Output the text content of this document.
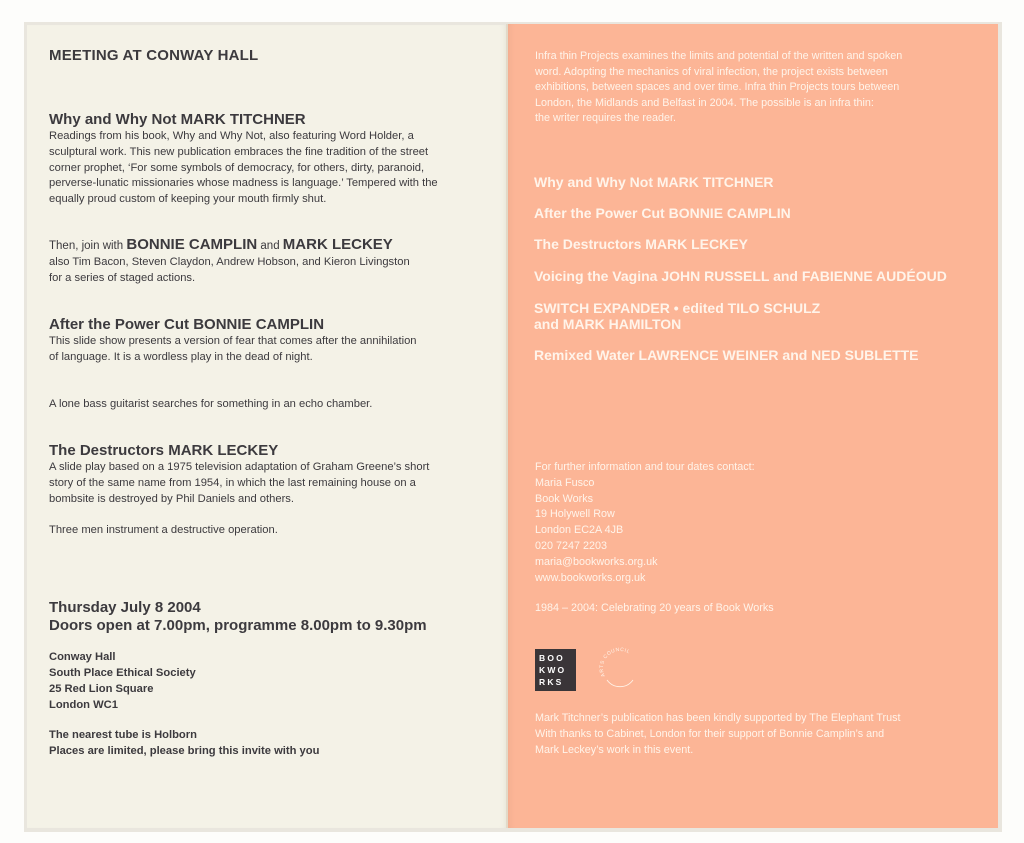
MEETING AT CONWAY HALL
Why and Why Not MARK TITCHNER
Readings from his book, Why and Why Not, also featuring Word Holder, a
sculptural work. This new publication embraces the fine tradition of the street
corner prophet, ‘For some symbols of democracy, for others, dirty, paranoid,
perverse-lunatic missionaries whose madness is language.’ Tempered with the
equally proud custom of keeping your mouth firmly shut.
Then, join with BONNIE CAMPLIN and MARK LECKEY
also Tim Bacon, Steven Claydon, Andrew Hobson, and Kieron Livingston
for a series of staged actions.
After the Power Cut BONNIE CAMPLIN
This slide show presents a version of fear that comes after the annihilation
of language. It is a wordless play in the dead of night.
A lone bass guitarist searches for something in an echo chamber.
The Destructors MARK LECKEY
A slide play based on a 1975 television adaptation of Graham Greene’s short
story of the same name from 1954, in which the last remaining house on a
bombsite is destroyed by Phil Daniels and others.
Three men instrument a destructive operation.
Thursday July 8 2004
Doors open at 7.00pm, programme 8.00pm to 9.30pm
Conway Hall
South Place Ethical Society
25 Red Lion Square
London WC1
The nearest tube is Holborn
Places are limited, please bring this invite with you
Infra thin Projects examines the limits and potential of the written and spoken
word. Adopting the mechanics of viral infection, the project exists between
exhibitions, between spaces and over time. Infra thin Projects tours between
London, the Midlands and Belfast in 2004. The possible is an infra thin:
the writer requires the reader.
Why and Why Not MARK TITCHNER
After the Power Cut BONNIE CAMPLIN
The Destructors MARK LECKEY
Voicing the Vagina JOHN RUSSELL and FABIENNE AUDÉOUD
SWITCH EXPANDER • edited TILO SCHULZ
and MARK HAMILTON
Remixed Water LAWRENCE WEINER and NED SUBLETTE
For further information and tour dates contact:
Maria Fusco
Book Works
19 Holywell Row
London EC2A 4JB
020 7247 2203
maria@bookworks.org.uk
www.bookworks.org.uk
1984 – 2004: Celebrating 20 years of Book Works
BOO
KWO
RKS
ARTS COUNCIL
Mark Titchner’s publication has been kindly supported by The Elephant Trust
With thanks to Cabinet, London for their support of Bonnie Camplin’s and
Mark Leckey’s work in this event.
